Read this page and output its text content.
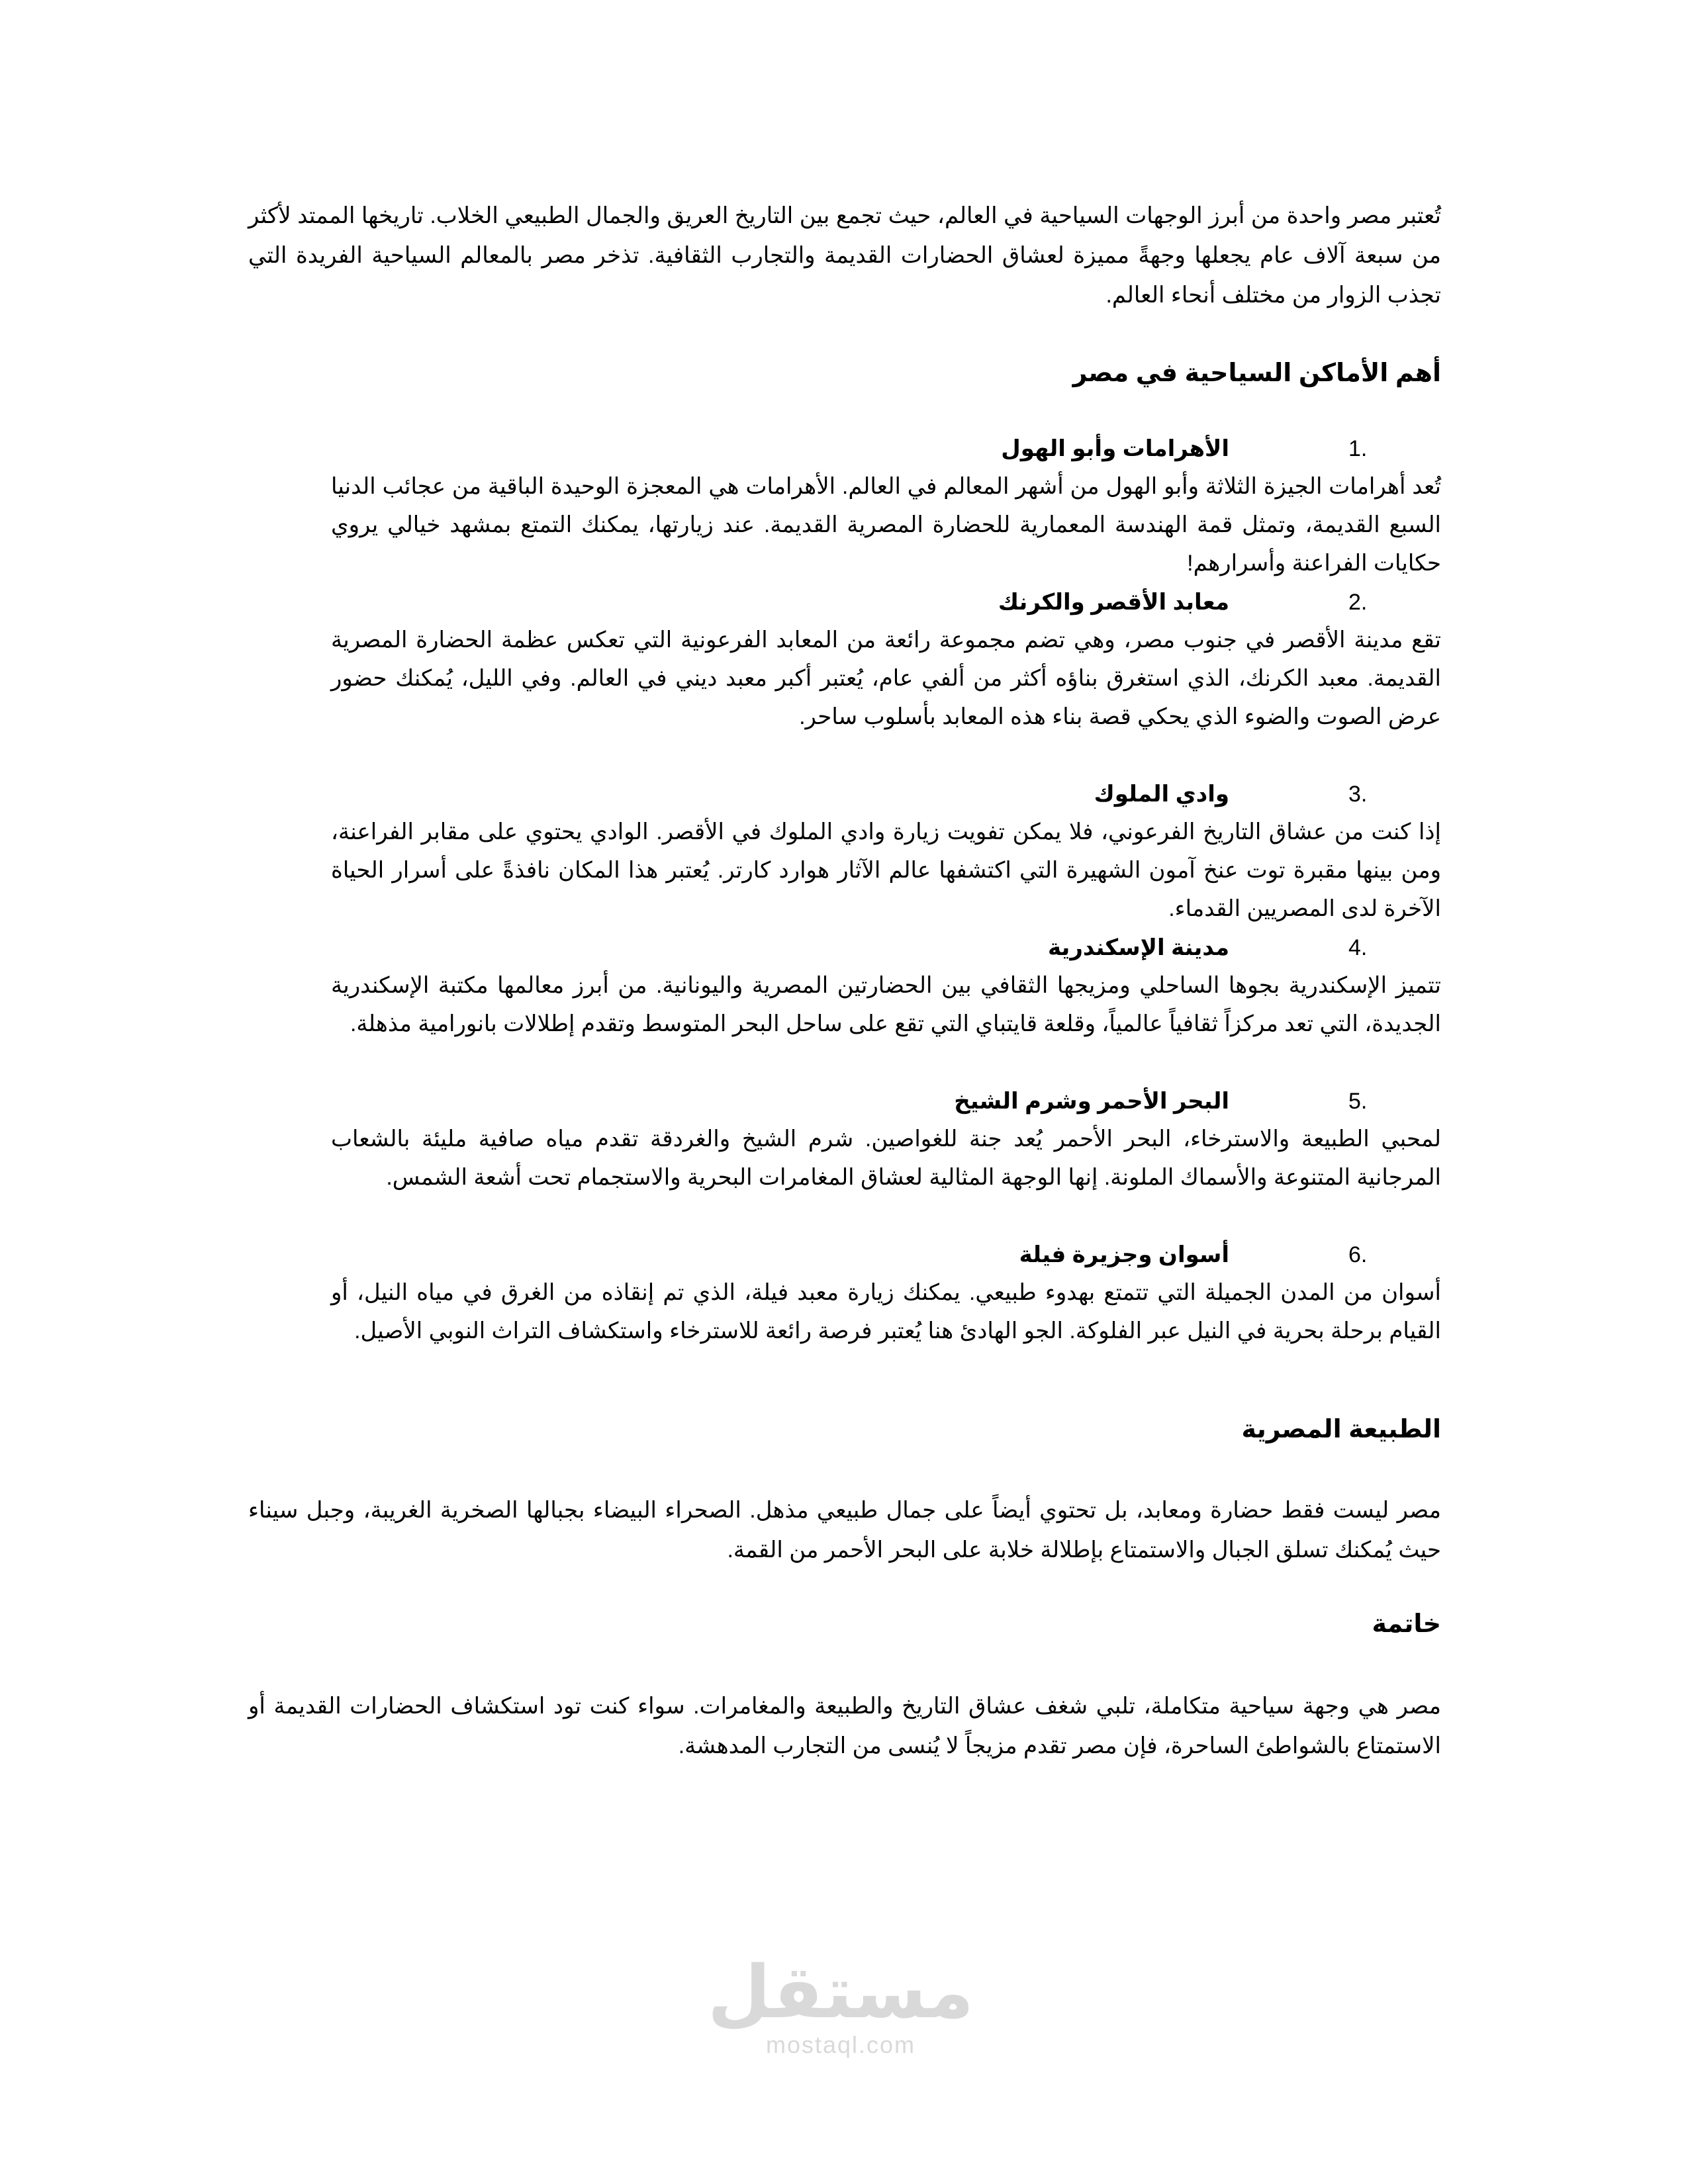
تُعتبر مصر واحدة من أبرز الوجهات السياحية في العالم، حيث تجمع بين التاريخ العريق والجمال الطبيعي الخلاب. تاريخها الممتد لأكثر من سبعة آلاف عام يجعلها وجهةً مميزة لعشاق الحضارات القديمة والتجارب الثقافية. تذخر مصر بالمعالم السياحية الفريدة التي تجذب الزوار من مختلف أنحاء العالم.

أهم الأماكن السياحية في مصر
الأهرامات وأبو الهول	1.
تُعد أهرامات الجيزة الثلاثة وأبو الهول من أشهر المعالم في العالم. الأهرامات هي المعجزة الوحيدة الباقية من عجائب الدنيا السبع القديمة، وتمثل قمة الهندسة المعمارية للحضارة المصرية القديمة. عند زيارتها، يمكنك التمتع بمشهد خيالي يروي حكايات الفراعنة وأسرارهم!
معابد الأقصر والكرنك	2.
تقع مدينة الأقصر في جنوب مصر، وهي تضم مجموعة رائعة من المعابد الفرعونية التي تعكس عظمة الحضارة المصرية القديمة. معبد الكرنك، الذي استغرق بناؤه أكثر من ألفي عام، يُعتبر أكبر معبد ديني في العالم. وفي الليل، يُمكنك حضور عرض الصوت والضوء الذي يحكي قصة بناء هذه المعابد بأسلوب ساحر.
وادي الملوك	3.
إذا كنت من عشاق التاريخ الفرعوني، فلا يمكن تفويت زيارة وادي الملوك في الأقصر. الوادي يحتوي على مقابر الفراعنة، ومن بينها مقبرة توت عنخ آمون الشهيرة التي اكتشفها عالم الآثار هوارد كارتر. يُعتبر هذا المكان نافذةً على أسرار الحياة الآخرة لدى المصريين القدماء.
مدينة الإسكندرية	4.
تتميز الإسكندرية بجوها الساحلي ومزيجها الثقافي بين الحضارتين المصرية واليونانية. من أبرز معالمها مكتبة الإسكندرية الجديدة، التي تعد مركزاً ثقافياً عالمياً، وقلعة قايتباي التي تقع على ساحل البحر المتوسط وتقدم إطلالات بانورامية مذهلة.
البحر الأحمر وشرم الشيخ	5.
لمحبي الطبيعة والاسترخاء، البحر الأحمر يُعد جنة للغواصين. شرم الشيخ والغردقة تقدم مياه صافية مليئة بالشعاب المرجانية المتنوعة والأسماك الملونة. إنها الوجهة المثالية لعشاق المغامرات البحرية والاستجمام تحت أشعة الشمس.
أسوان وجزيرة فيلة	6.
أسوان من المدن الجميلة التي تتمتع بهدوء طبيعي. يمكنك زيارة معبد فيلة، الذي تم إنقاذه من الغرق في مياه النيل، أو القيام برحلة بحرية في النيل عبر الفلوكة. الجو الهادئ هنا يُعتبر فرصة رائعة للاسترخاء واستكشاف التراث النوبي الأصيل.
الطبيعة المصرية

مصر ليست فقط حضارة ومعابد، بل تحتوي أيضاً على جمال طبيعي مذهل. الصحراء البيضاء بجبالها الصخرية الغريبة، وجبل سيناء حيث يُمكنك تسلق الجبال والاستمتاع بإطلالة خلابة على البحر الأحمر من القمة.

خاتمة

مصر هي وجهة سياحية متكاملة، تلبي شغف عشاق التاريخ والطبيعة والمغامرات. سواء كنت تود استكشاف الحضارات القديمة أو الاستمتاع بالشواطئ الساحرة، فإن مصر تقدم مزيجاً لا يُنسى من التجارب المدهشة.

مستقل
mostaql.com
